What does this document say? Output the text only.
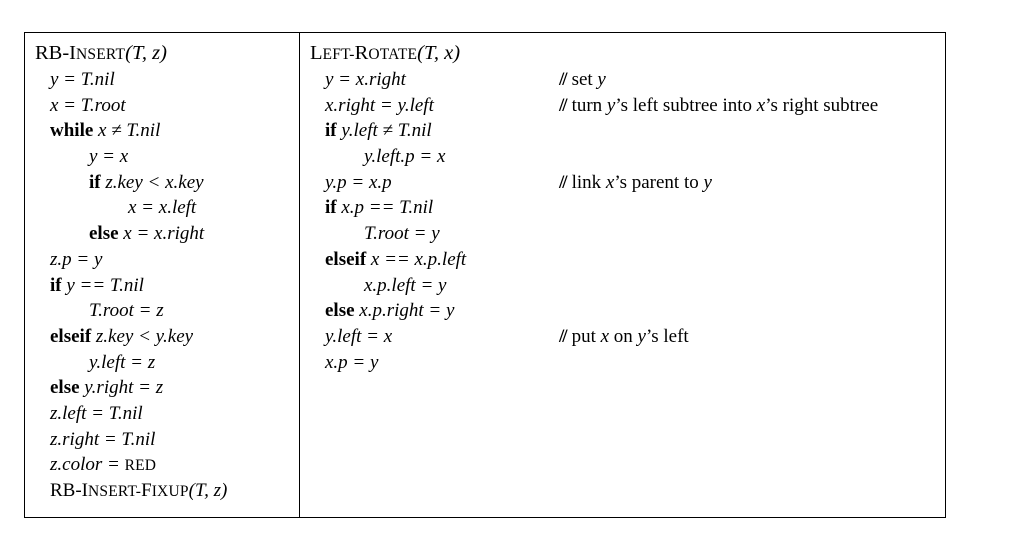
RB-INSERT(T, z)
y = T.nil
x = T.root
while x ≠ T.nil
y = x
if z.key < x.key
x = x.left
else x = x.right
z.p = y
if y == T.nil
T.root = z
elseif z.key < y.key
y.left = z
else y.right = z
z.left = T.nil
z.right = T.nil
z.color = RED
RB-INSERT-FIXUP(T, z)
LEFT-ROTATE(T, x)
y = x.right	// set y
x.right = y.left	// turn y’s left subtree into x’s right subtree
if y.left ≠ T.nil
y.left.p = x
y.p = x.p	// link x’s parent to y
if x.p == T.nil
T.root = y
elseif x == x.p.left
x.p.left = y
else x.p.right = y
y.left = x	// put x on y’s left
x.p = y
